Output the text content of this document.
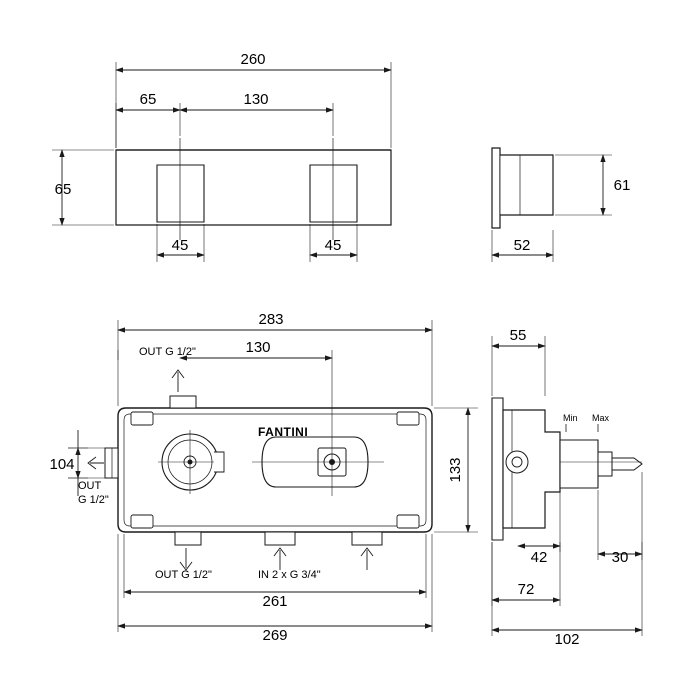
260
65	130
65
45	45
61
52
283
130
104	133
261
269
OUT G 1/2"
OUT
G 1/2"
OUT G 1/2"	IN 2 x G 3/4"
FANTINI
55
42	30
72
102
Min Max
